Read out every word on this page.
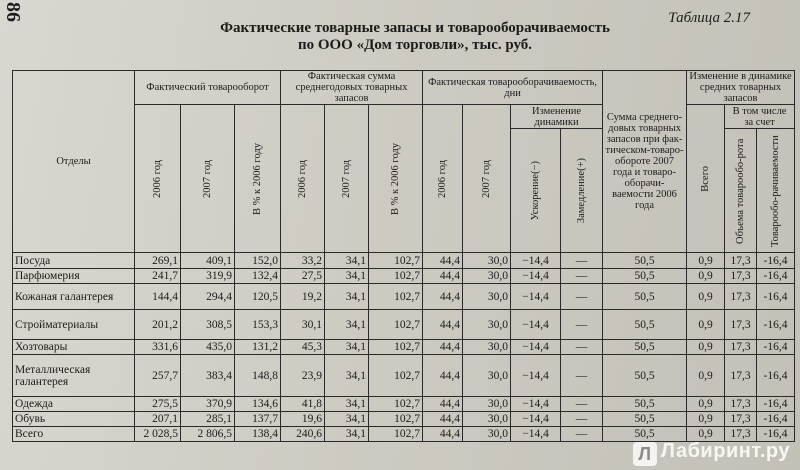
86	Таблица 2.17
Фактические товарные запасы и товарооборачиваемость
по ООО «Дом торговли», тыс. руб.
Отделы	Фактический товарооборот			Фактическая сумма среднегодовых товарных запасов			Фактическая товарооборачиваемость, дни				Сумма среднего-довых товарных запасов при фак-тическом-товаро-обороте 2007 года и товаро-оборачи-ваемости 2006 года	Изменение в динамике средних товарных запасов		

	2006 год	2007 год	В % к 2006 году	2006 год	2007 год	В % к 2006 году	2006 год	2007 год	Изменение динамики			Всего	В том числе за счет	

									Ускорение(−)	Замедление(+)			Объема товарообо-рота	Товарообо-рачиваемости

Посуда	269,1	409,1	152,0	33,2	34,1	102,7	44,4	30,0	−14,4	—	50,5	0,9	17,3	-16,4
Парфюмерия	241,7	319,9	132,4	27,5	34,1	102,7	44,4	30,0	−14,4	—	50,5	0,9	17,3	-16,4
Кожаная галантерея	144,4	294,4	120,5	19,2	34,1	102,7	44,4	30,0	−14,4	—	50,5	0,9	17,3	-16,4
Стройматериалы	201,2	308,5	153,3	30,1	34,1	102,7	44,4	30,0	−14,4	—	50,5	0,9	17,3	-16,4
Хозтовары	331,6	435,0	131,2	45,3	34,1	102,7	44,4	30,0	−14,4	—	50,5	0,9	17,3	-16,4
Металлическая галантерея	257,7	383,4	148,8	23,9	34,1	102,7	44,4	30,0	−14,4	—	50,5	0,9	17,3	-16,4
Одежда	275,5	370,9	134,6	41,8	34,1	102,7	44,4	30,0	−14,4	—	50,5	0,9	17,3	-16,4
Обувь	207,1	285,1	137,7	19,6	34,1	102,7	44,4	30,0	−14,4	—	50,5	0,9	17,3	-16,4
Всего	2 028,5	2 806,5	138,4	240,6	34,1	102,7	44,4	30,0	−14,4	—	50,5	0,9	17,3	-16,4
Л Лабиринт.ру
